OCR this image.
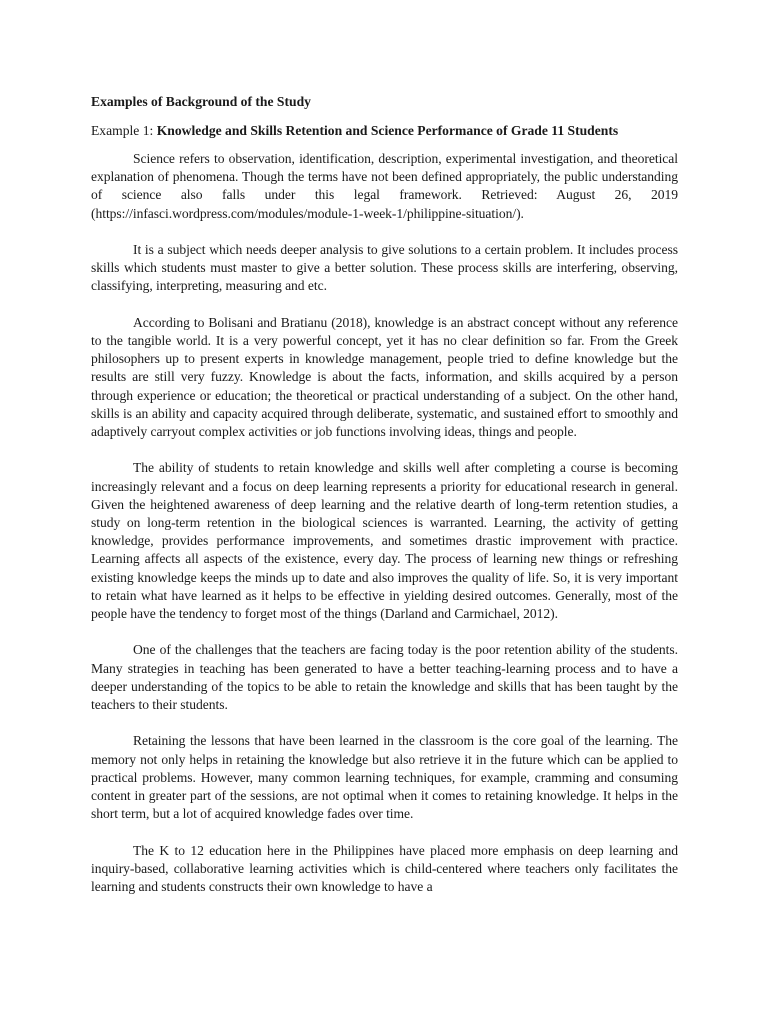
Examples of Background of the Study

Example 1: Knowledge and Skills Retention and Science Performance of Grade 11 Students

Science refers to observation, identification, description, experimental investigation, and theoretical explanation of phenomena. Though the terms have not been defined appropriately, the public understanding of science also falls under this legal framework. Retrieved: August 26, 2019 (https://infasci.wordpress.com/modules/module-1-week-1/philippine-situation/).

It is a subject which needs deeper analysis to give solutions to a certain problem. It includes process skills which students must master to give a better solution. These process skills are interfering, observing, classifying, interpreting, measuring and etc.

According to Bolisani and Bratianu (2018), knowledge is an abstract concept without any reference to the tangible world. It is a very powerful concept, yet it has no clear definition so far. From the Greek philosophers up to present experts in knowledge management, people tried to define knowledge but the results are still very fuzzy. Knowledge is about the facts, information, and skills acquired by a person through experience or education; the theoretical or practical understanding of a subject. On the other hand, skills is an ability and capacity acquired through deliberate, systematic, and sustained effort to smoothly and adaptively carryout complex activities or job functions involving ideas, things and people.

The ability of students to retain knowledge and skills well after completing a course is becoming increasingly relevant and a focus on deep learning represents a priority for educational research in general. Given the heightened awareness of deep learning and the relative dearth of long-term retention studies, a study on long-term retention in the biological sciences is warranted. Learning, the activity of getting knowledge, provides performance improvements, and sometimes drastic improvement with practice. Learning affects all aspects of the existence, every day. The process of learning new things or refreshing existing knowledge keeps the minds up to date and also improves the quality of life. So, it is very important to retain what have learned as it helps to be effective in yielding desired outcomes. Generally, most of the people have the tendency to forget most of the things (Darland and Carmichael, 2012).

One of the challenges that the teachers are facing today is the poor retention ability of the students. Many strategies in teaching has been generated to have a better teaching-learning process and to have a deeper understanding of the topics to be able to retain the knowledge and skills that has been taught by the teachers to their students.

Retaining the lessons that have been learned in the classroom is the core goal of the learning. The memory not only helps in retaining the knowledge but also retrieve it in the future which can be applied to practical problems. However, many common learning techniques, for example, cramming and consuming content in greater part of the sessions, are not optimal when it comes to retaining knowledge. It helps in the short term, but a lot of acquired knowledge fades over time.

The K to 12 education here in the Philippines have placed more emphasis on deep learning and inquiry-based, collaborative learning activities which is child-centered where teachers only facilitates the learning and students constructs their own knowledge to have a
